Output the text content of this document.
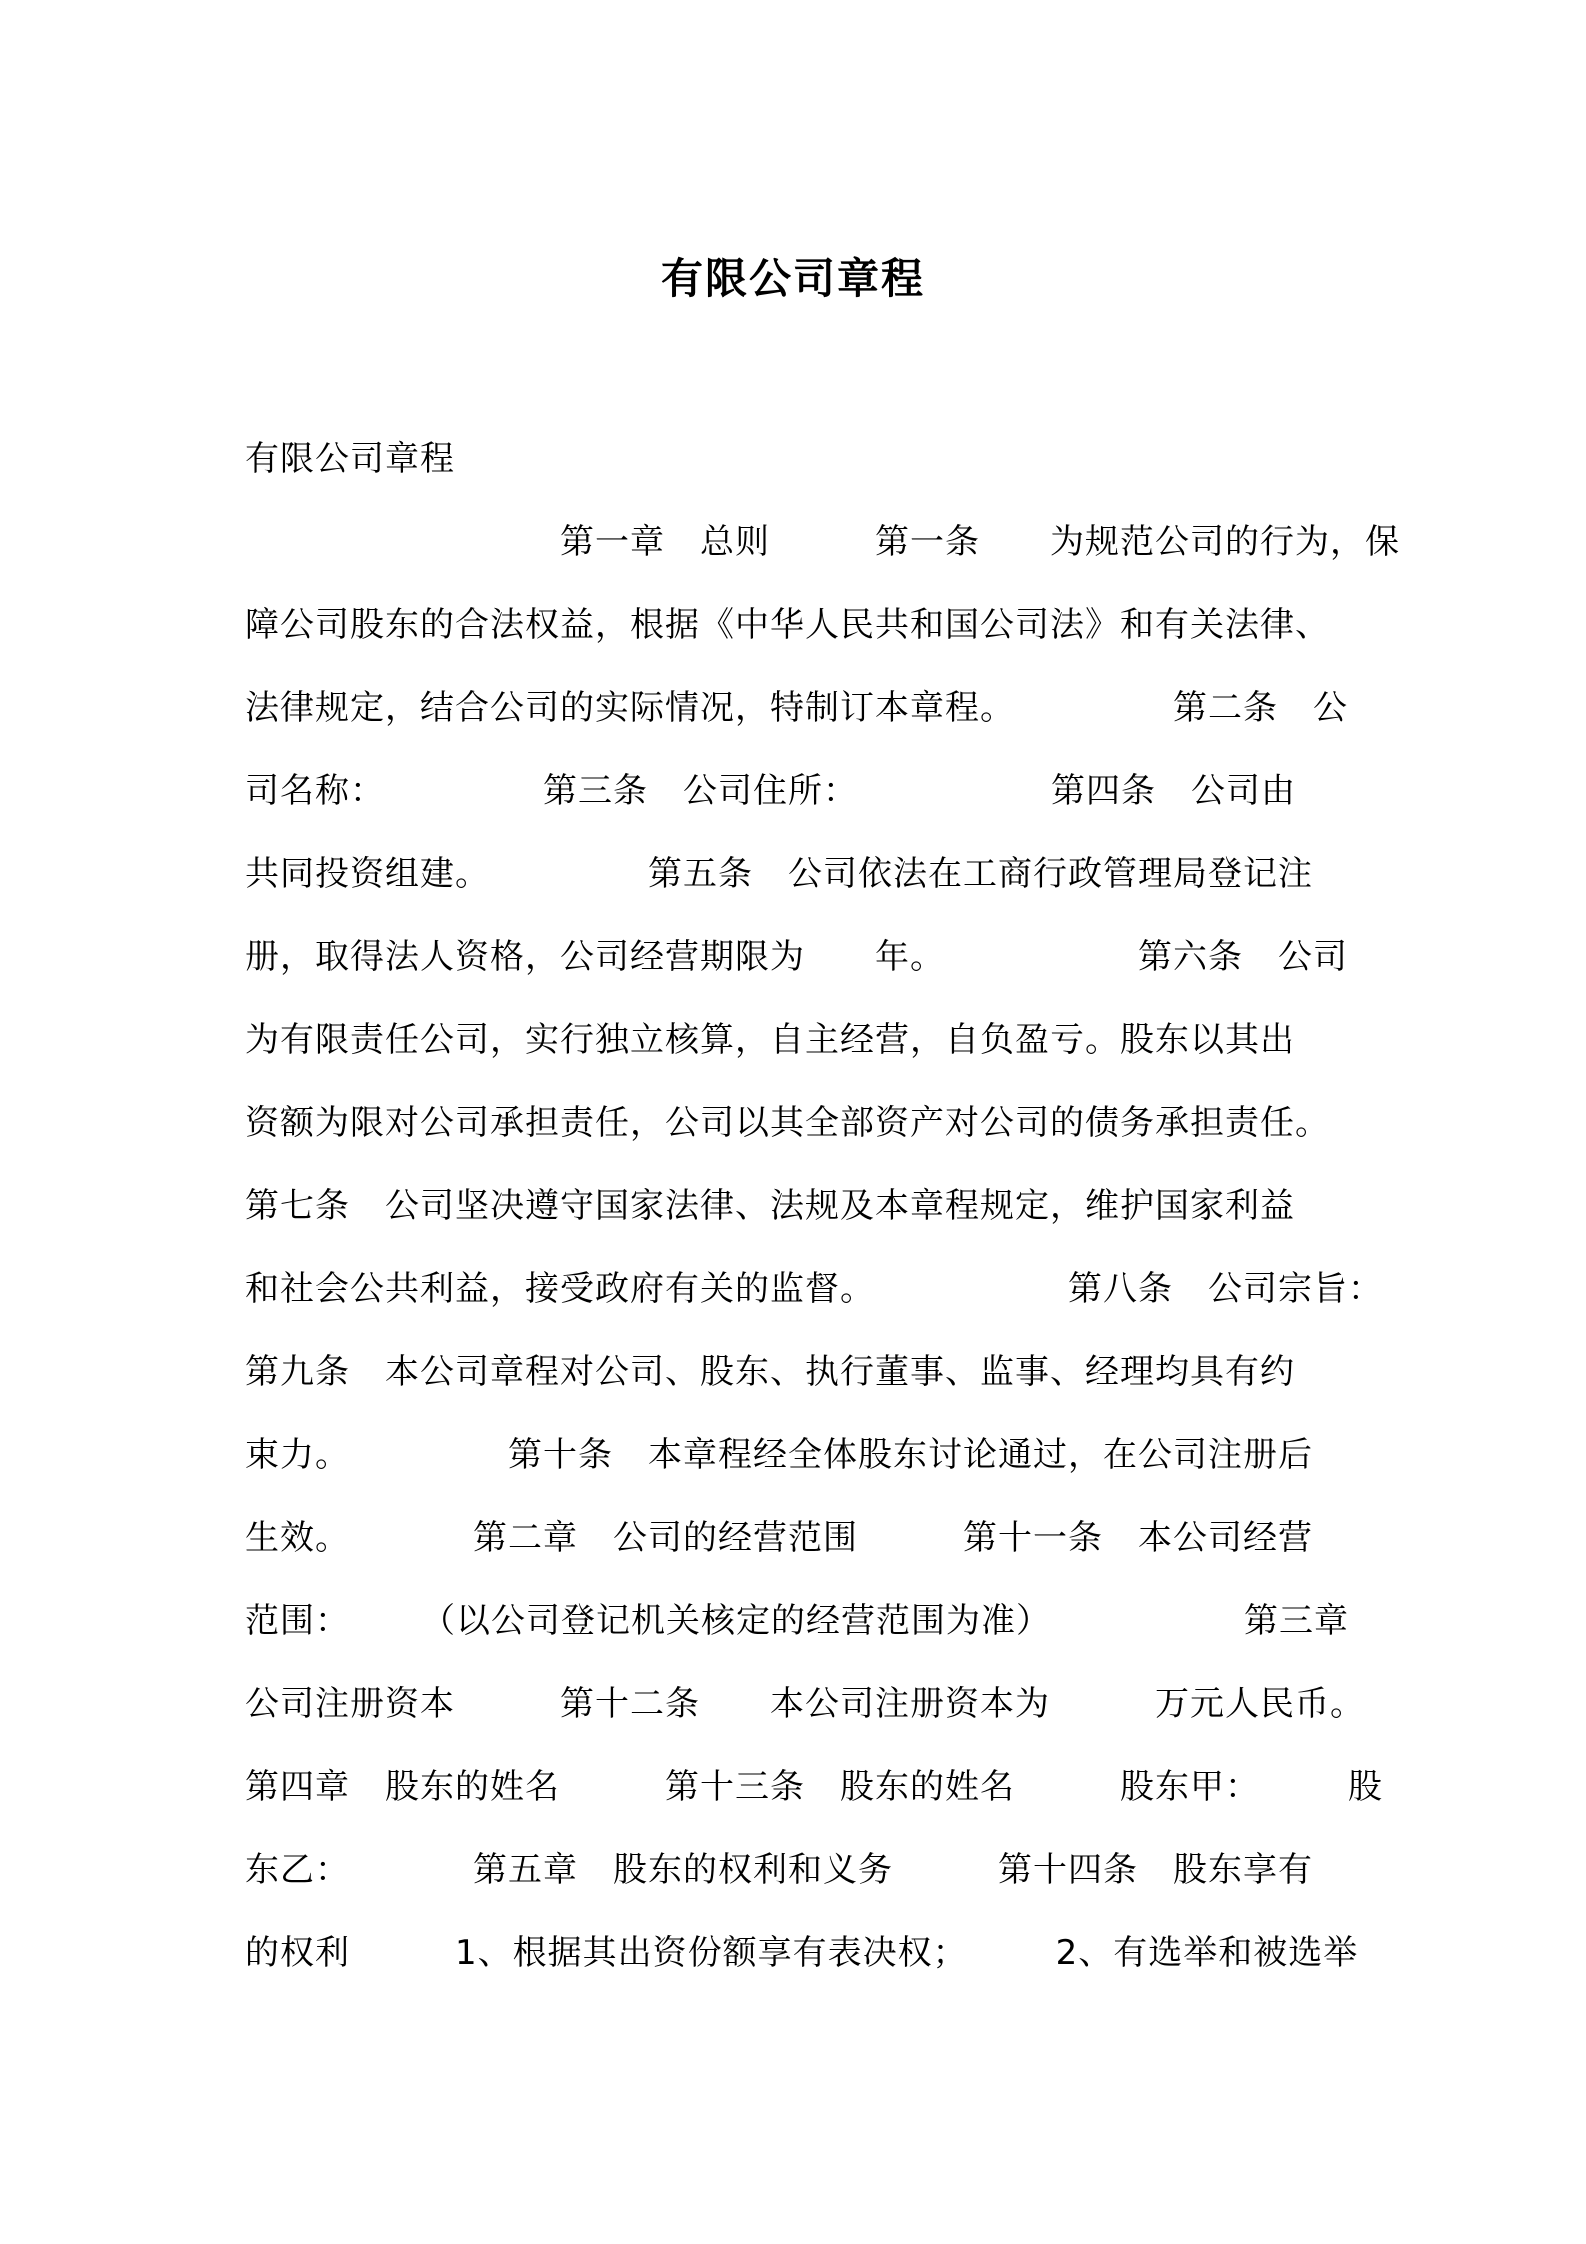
有限公司章程
有限公司章程
　　　　　　　　　第一章　总则　　　第一条　　为规范公司的行为，保
障公司股东的合法权益，根据《中华人民共和国公司法》和有关法律、
法律规定，结合公司的实际情况，特制订本章程。　　　　　第二条　公
司名称：　　　　　第三条　公司住所：　　　　　　第四条　公司由
共同投资组建。　　　　　第五条　公司依法在工商行政管理局登记注
册，取得法人资格，公司经营期限为　　年。　　　　　　第六条　公司
为有限责任公司，实行独立核算，自主经营，自负盈亏。股东以其出
资额为限对公司承担责任，公司以其全部资产对公司的债务承担责任。
第七条　公司坚决遵守国家法律、法规及本章程规定，维护国家利益
和社会公共利益，接受政府有关的监督。　　　　　　第八条　公司宗旨：
第九条　本公司章程对公司、股东、执行董事、监事、经理均具有约
束力。　　　　　第十条　本章程经全体股东讨论通过，在公司注册后
生效。　　　　第二章　公司的经营范围　　　第十一条　本公司经营
范围：　　　（以公司登记机关核定的经营范围为准）　　　　　　第三章
公司注册资本　　　第十二条　　本公司注册资本为　　　万元人民币。
第四章　股东的姓名　　　第十三条　股东的姓名　　　股东甲：　　　股
东乙：　　　　第五章　股东的权利和义务　　　第十四条　股东享有
的权利　　　1、根据其出资份额享有表决权；　　　2、有选举和被选举
